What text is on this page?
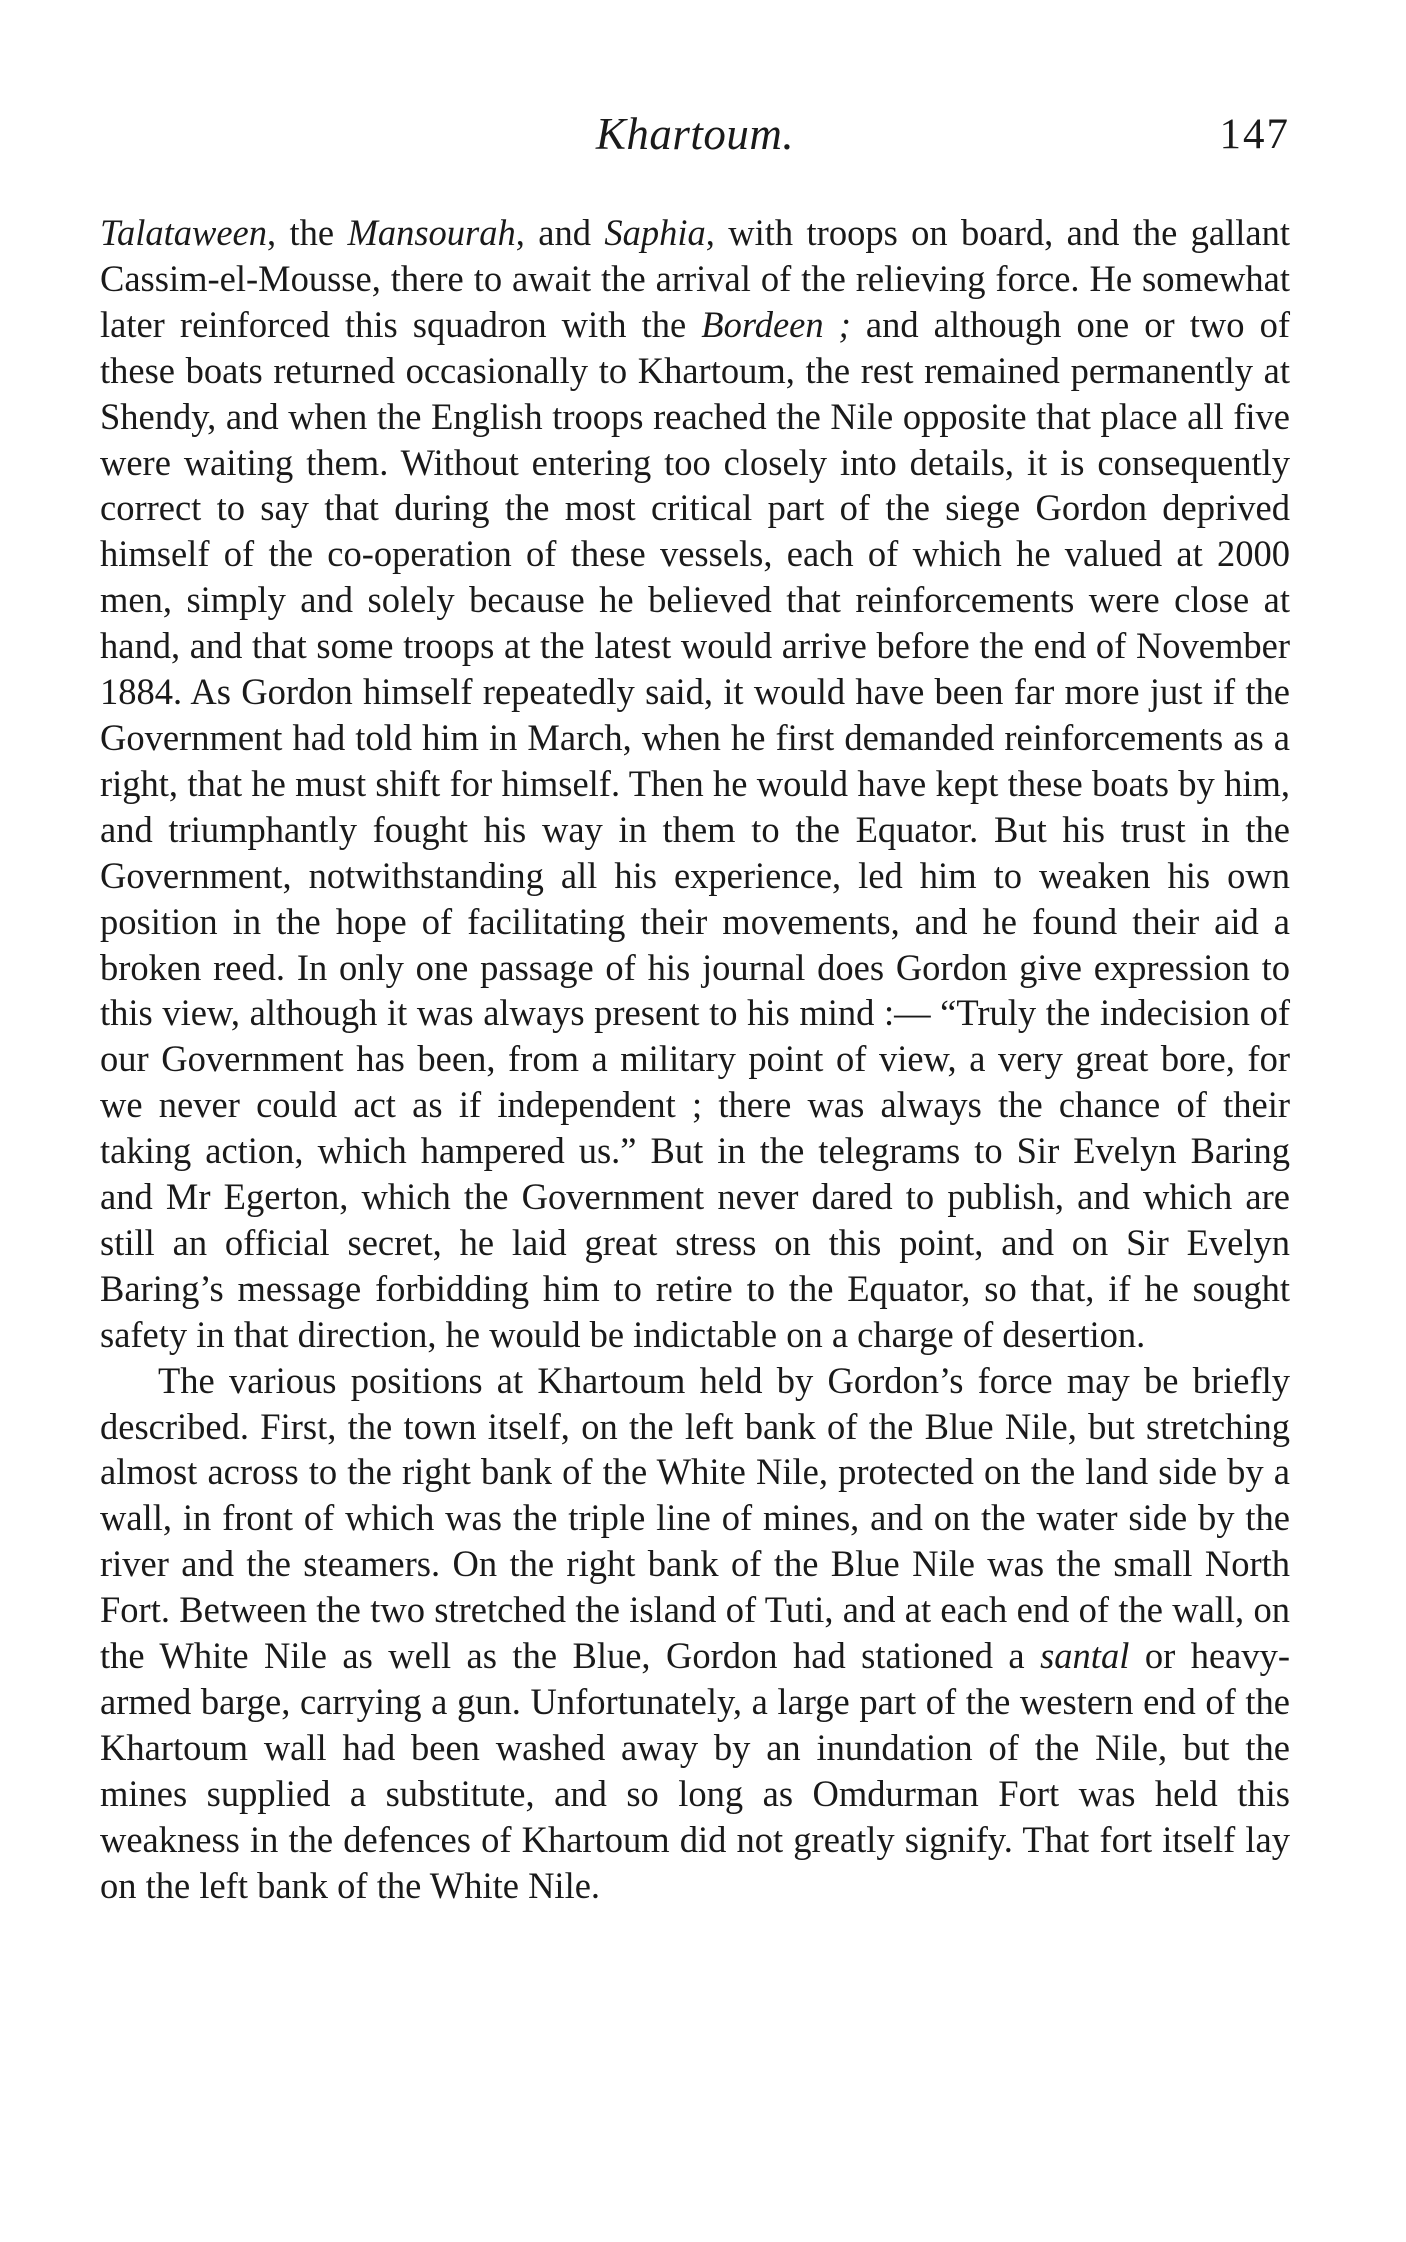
Khartoum.	147

Talataween, the Mansourah, and Saphia, with troops on board, and the gallant Cassim-el-Mousse, there to await the arrival of the relieving force. He somewhat later reinforced this squadron with the Bordeen ; and although one or two of these boats returned occasionally to Khartoum, the rest remained permanently at Shendy, and when the English troops reached the Nile opposite that place all five were waiting them. Without entering too closely into details, it is consequently correct to say that during the most critical part of the siege Gordon deprived himself of the co-operation of these vessels, each of which he valued at 2000 men, simply and solely because he believed that reinforcements were close at hand, and that some troops at the latest would arrive before the end of November 1884. As Gordon himself repeatedly said, it would have been far more just if the Government had told him in March, when he first demanded reinforcements as a right, that he must shift for himself. Then he would have kept these boats by him, and triumphantly fought his way in them to the Equator. But his trust in the Government, notwithstanding all his experience, led him to weaken his own position in the hope of facilitating their movements, and he found their aid a broken reed. In only one passage of his journal does Gordon give expression to this view, although it was always present to his mind :— “Truly the indecision of our Government has been, from a military point of view, a very great bore, for we never could act as if independent ; there was always the chance of their taking action, which hampered us.” But in the telegrams to Sir Evelyn Baring and Mr Egerton, which the Government never dared to publish, and which are still an official secret, he laid great stress on this point, and on Sir Evelyn Baring’s message forbidding him to retire to the Equator, so that, if he sought safety in that direction, he would be indictable on a charge of desertion.

The various positions at Khartoum held by Gordon’s force may be briefly described. First, the town itself, on the left bank of the Blue Nile, but stretching almost across to the right bank of the White Nile, protected on the land side by a wall, in front of which was the triple line of mines, and on the water side by the river and the steamers. On the right bank of the Blue Nile was the small North Fort. Between the two stretched the island of Tuti, and at each end of the wall, on the White Nile as well as the Blue, Gordon had stationed a santal or heavy-armed barge, carrying a gun. Unfortunately, a large part of the western end of the Khartoum wall had been washed away by an inundation of the Nile, but the mines supplied a substitute, and so long as Omdurman Fort was held this weakness in the defences of Khartoum did not greatly signify. That fort itself lay on the left bank of the White Nile.
